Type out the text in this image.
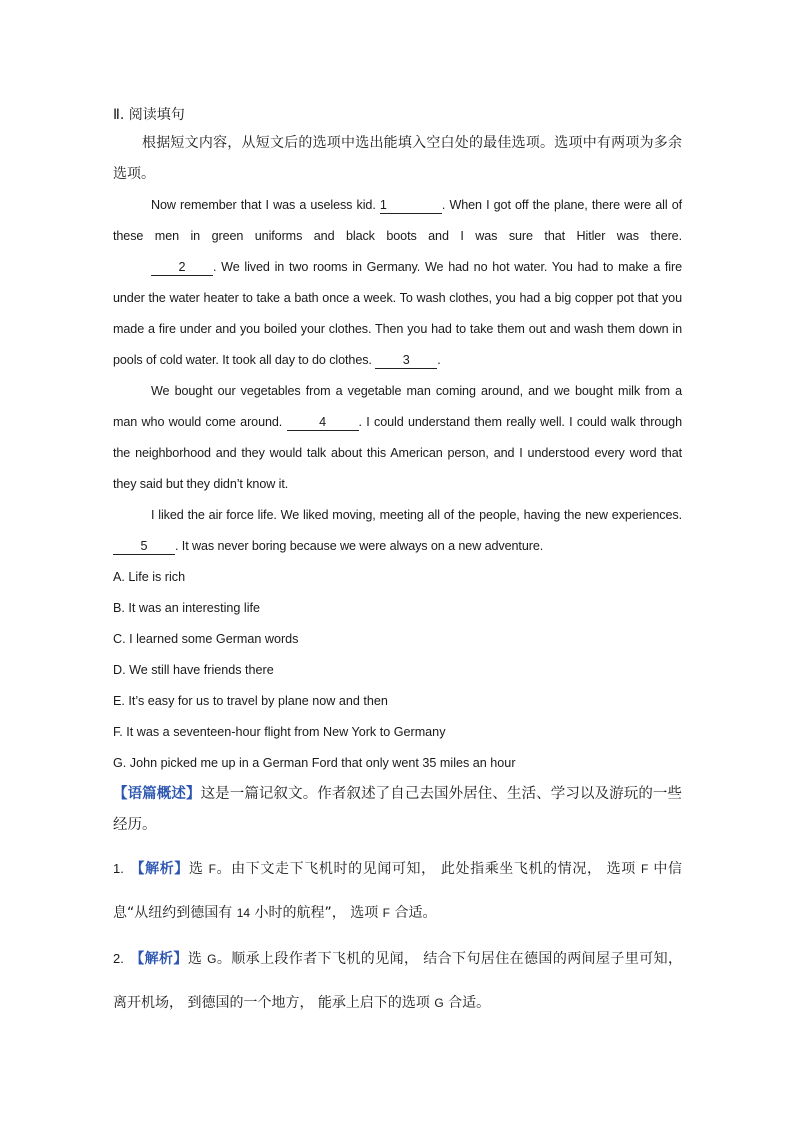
Ⅱ. 阅读填句
根据短文内容，从短文后的选项中选出能填入空白处的最佳选项。选项中有两项为多余选项。

Now remember that I was a useless kid. 1	. When I got off the plane, there were all of these men in green uniforms and black boots and I was sure that Hitler was there.

2 . We lived in two rooms in Germany. We had no hot water. You had to make a fire under the water heater to take a bath once a week. To wash clothes, you had a big copper pot that you made a fire under and you boiled your clothes. Then you had to take them out and wash them down in pools of cold water. It took all day to do clothes. 3 .

We bought our vegetables from a vegetable man coming around, and we bought milk from a man who would come around.	4	. I could understand them really well. I could walk through the neighborhood and they would talk about this American person, and I understood every word that they said but they didn’t know it.

I liked the air force life. We liked moving, meeting all of the people, having the new experiences. 5 . It was never boring because we were always on a new adventure.

A. Life is rich
B. It was an interesting life
C. I learned some German words
D. We still have friends there
E. It’s easy for us to travel by plane now and then
F. It was a seventeen-hour flight from New York to Germany
G. John picked me up in a German Ford that only went 35 miles an hour
【语篇概述】这是一篇记叙文。作者叙述了自己去国外居住、生活、学习以及游玩的一些经历。
1. 【解析】选 F。由下文走下飞机时的见闻可知， 此处指乘坐飞机的情况， 选项 F 中信息“从纽约到德国有 14 小时的航程”， 选项 F 合适。
2. 【解析】选 G。顺承上段作者下飞机的见闻， 结合下句居住在德国的两间屋子里可知， 离开机场， 到德国的一个地方， 能承上启下的选项 G 合适。
